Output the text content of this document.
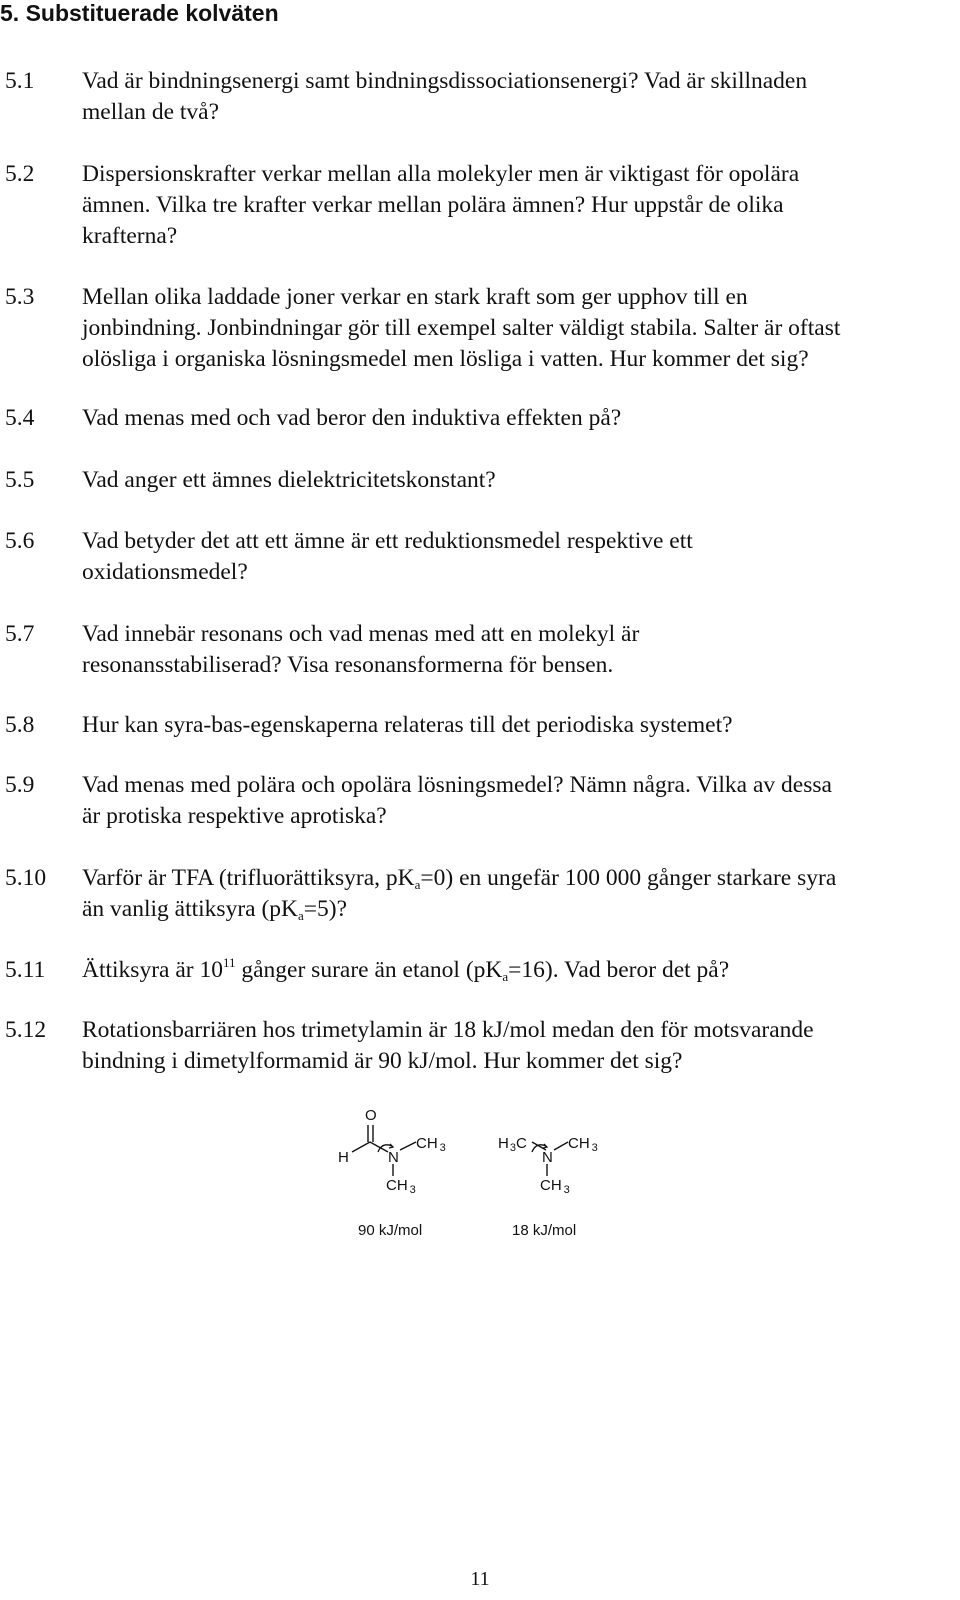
5. Substituerade kolväten
5.1 Vad är bindningsenergi samt bindningsdissociationsenergi? Vad är skillnaden
mellan de två?
5.2 Dispersionskrafter verkar mellan alla molekyler men är viktigast för opolära
ämnen. Vilka tre krafter verkar mellan polära ämnen? Hur uppstår de olika
krafterna?
5.3 Mellan olika laddade joner verkar en stark kraft som ger upphov till en
jonbindning. Jonbindningar gör till exempel salter väldigt stabila. Salter är oftast
olösliga i organiska lösningsmedel men lösliga i vatten. Hur kommer det sig?
5.4 Vad menas med och vad beror den induktiva effekten på?
5.5 Vad anger ett ämnes dielektricitetskonstant?
5.6 Vad betyder det att ett ämne är ett reduktionsmedel respektive ett
oxidationsmedel?
5.7 Vad innebär resonans och vad menas med att en molekyl är
resonansstabiliserad? Visa resonansformerna för bensen.
5.8 Hur kan syra-bas-egenskaperna relateras till det periodiska systemet?
5.9 Vad menas med polära och opolära lösningsmedel? Nämn några. Vilka av dessa
är protiska respektive aprotiska?
5.10 Varför är TFA (trifluorättiksyra, $pK_a=0$) en ungefär 100 000 gånger starkare syra
än vanlig ättiksyra $(pK_a=5)$?
5.11 Ättiksyra är $10^{11}$ gånger surare än etanol $(pK_a=16)$. Vad beror det på?
5.12 Rotationsbarriären hos trimetylamin är 18 kJ/mol medan den för motsvarande
bindning i dimetylformamid är 90 kJ/mol. Hur kommer det sig?
O
H	N
CH $_3$
CH $_3$
90 kJ/mol
$H_3C$
N
CH $_3$
CH $_3$
18 kJ/mol
11
